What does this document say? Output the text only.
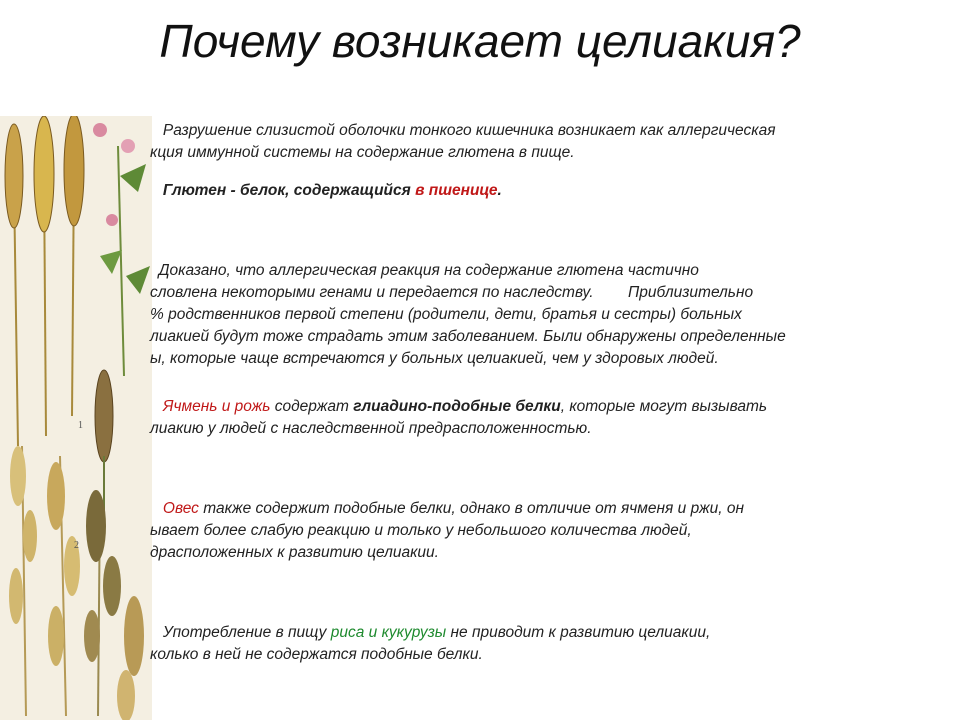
Почему возникает целиакия?
1
2
Разрушение слизистой оболочки тонкого кишечника возникает как аллергическая
кция иммунной системы на содержание глютена в пище.
Глютен - белок, содержащийся в пшенице.
Доказано, что аллергическая реакция на содержание глютена частично
словлена некоторыми генами и передается по наследству.        Приблизительно
% родственников первой степени (родители, дети, братья и сестры) больных
лиакией будут тоже страдать этим заболеванием. Были обнаружены определенные
ы, которые чаще встречаются у больных целиакией, чем у здоровых людей.
Ячмень и рожь содержат глиадино-подобные белки, которые могут вызывать
лиакию у людей с наследственной предрасположенностью.
Овес также содержит подобные белки, однако в отличие от ячменя и ржи, он
ывает более слабую реакцию и только у небольшого количества людей,
драсположенных к развитию целиакии.
Употребление в пищу риса и кукурузы не приводит к развитию целиакии,
колько в ней не содержатся подобные белки.
